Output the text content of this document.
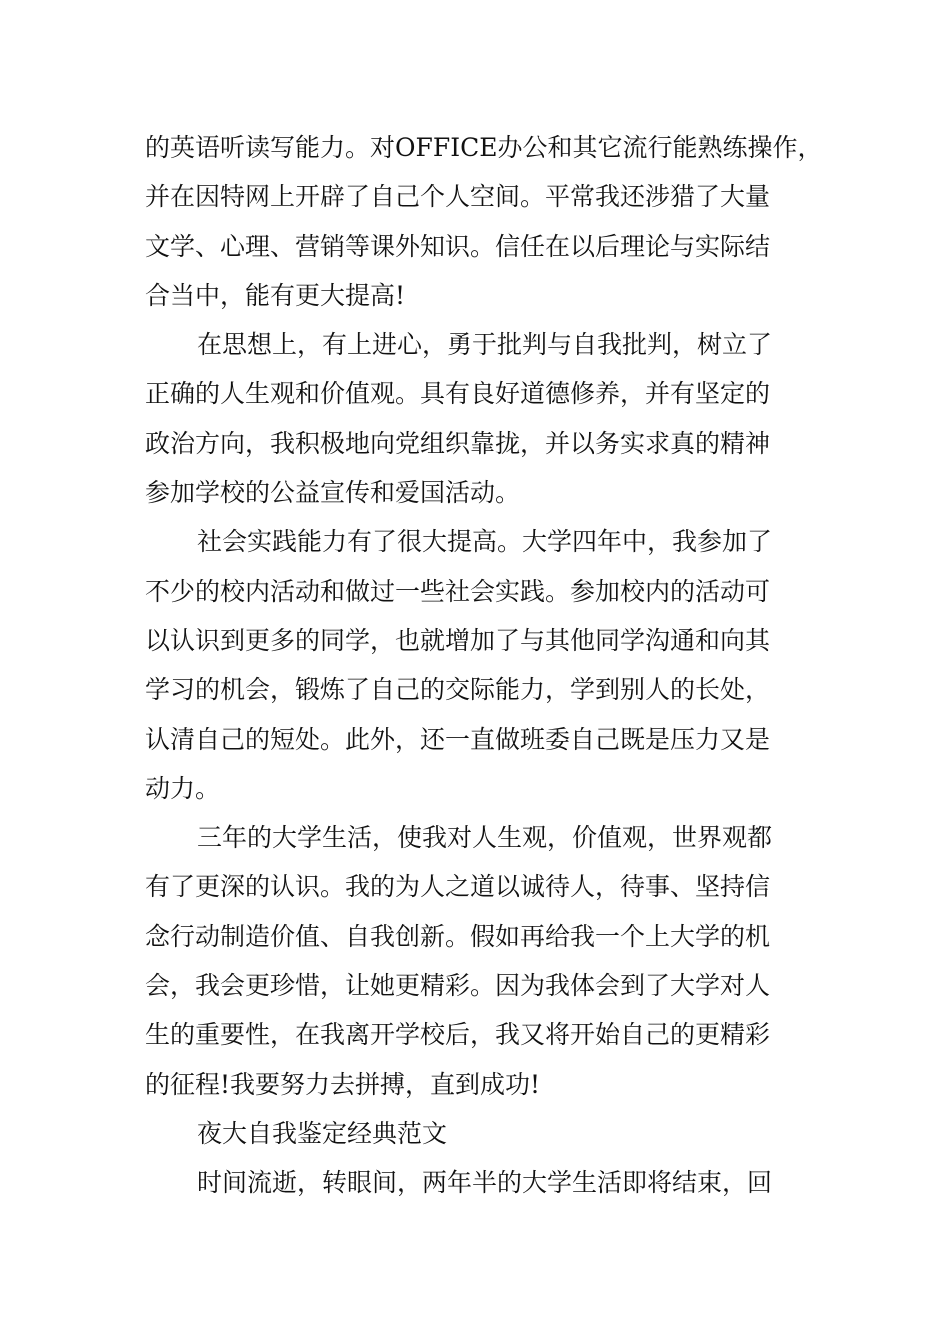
的英语听读写能力。对OFFICE办公和其它流行能熟练操作，
并在因特网上开辟了自己个人空间。平常我还涉猎了大量
文学、心理、营销等课外知识。信任在以后理论与实际结
合当中，能有更大提高!
在思想上，有上进心，勇于批判与自我批判，树立了
正确的人生观和价值观。具有良好道德修养，并有坚定的
政治方向，我积极地向党组织靠拢，并以务实求真的精神
参加学校的公益宣传和爱国活动。
社会实践能力有了很大提高。大学四年中，我参加了
不少的校内活动和做过一些社会实践。参加校内的活动可
以认识到更多的同学，也就增加了与其他同学沟通和向其
学习的机会，锻炼了自己的交际能力，学到别人的长处，
认清自己的短处。此外，还一直做班委自己既是压力又是
动力。
三年的大学生活，使我对人生观，价值观，世界观都
有了更深的认识。我的为人之道以诚待人，待事、坚持信
念行动制造价值、自我创新。假如再给我一个上大学的机
会，我会更珍惜，让她更精彩。因为我体会到了大学对人
生的重要性，在我离开学校后，我又将开始自己的更精彩
的征程!我要努力去拼搏，直到成功!
夜大自我鉴定经典范文
时间流逝，转眼间，两年半的大学生活即将结束，回
